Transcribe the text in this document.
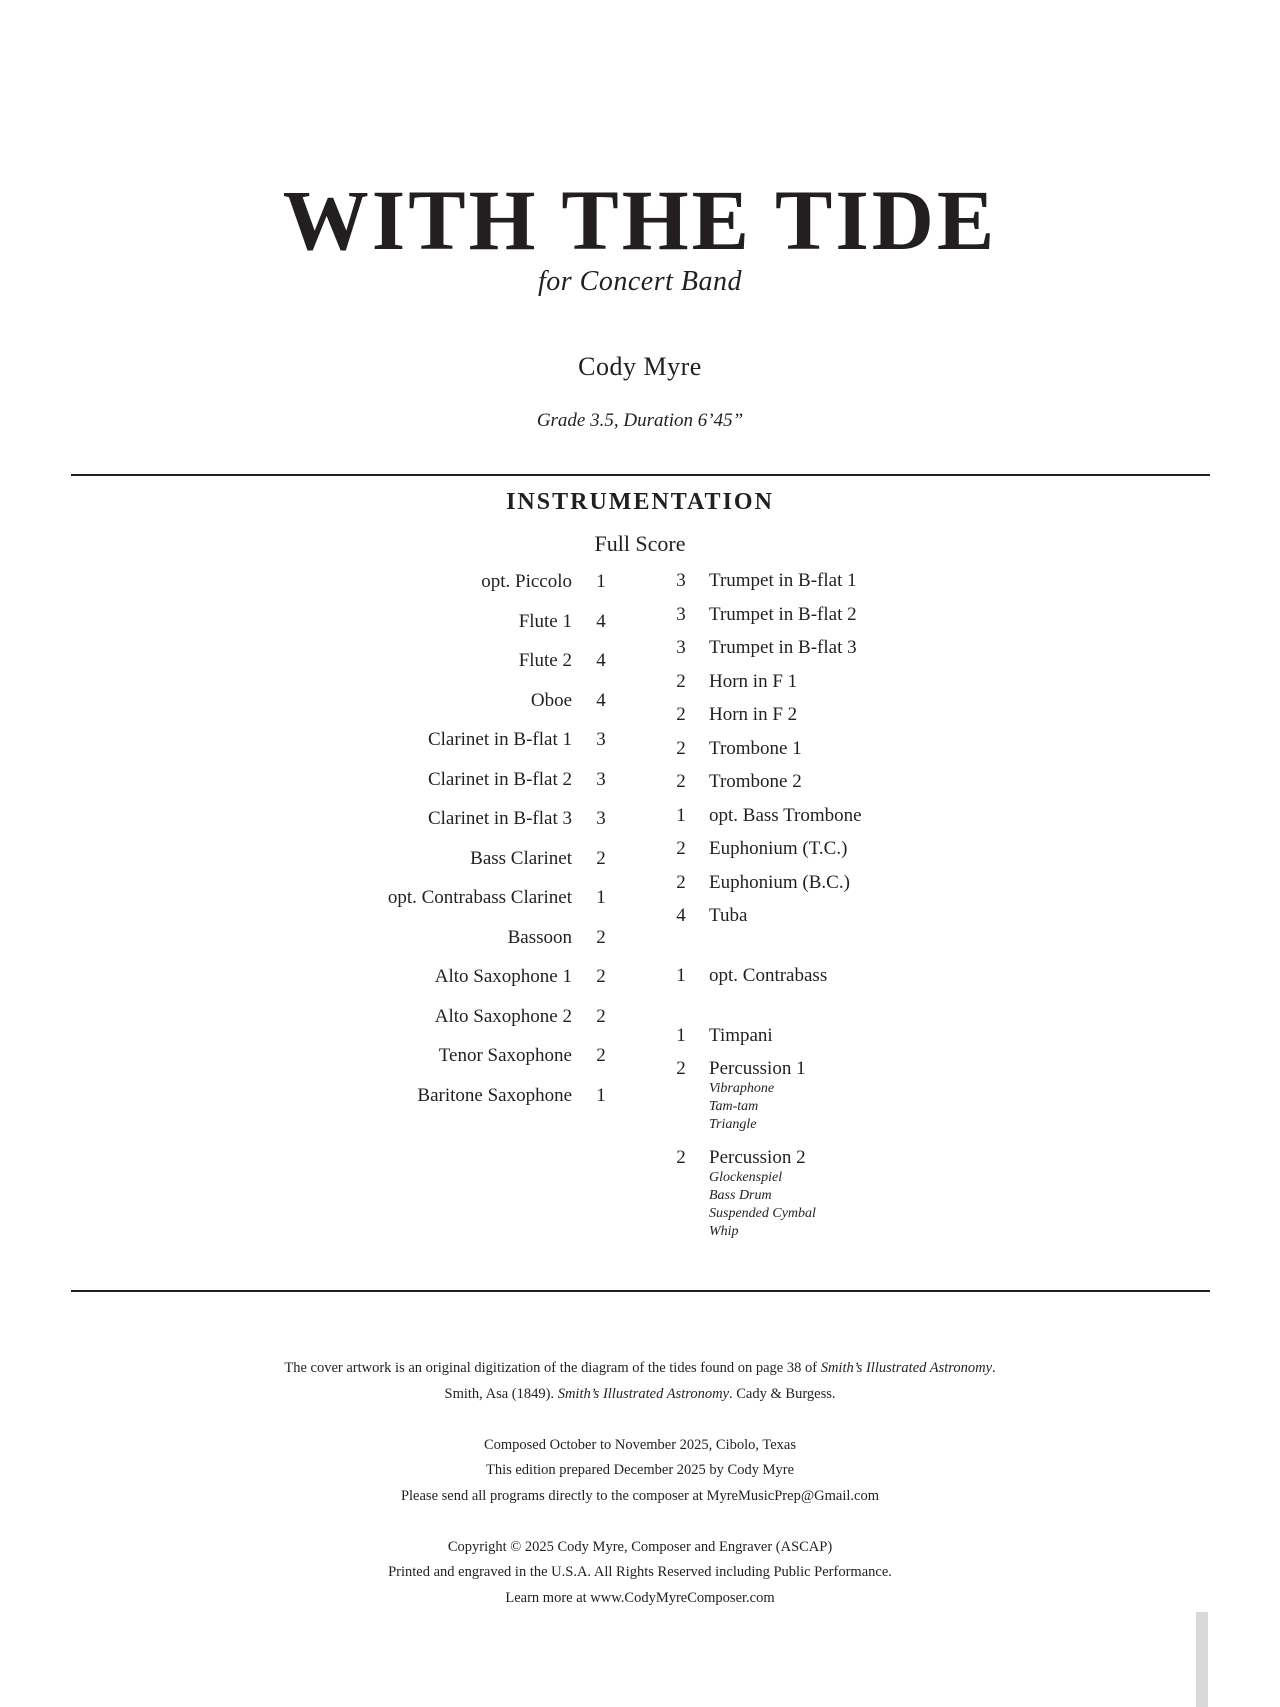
WITH THE TIDE
for Concert Band
Cody Myre
Grade 3.5, Duration 6’45”
INSTRUMENTATION
Full Score
opt. Piccolo	1
Flute 1	4
Flute 2	4
Oboe	4
Clarinet in B-flat 1	3
Clarinet in B-flat 2	3
Clarinet in B-flat 3	3
Bass Clarinet	2
opt. Contrabass Clarinet	1
Bassoon	2
Alto Saxophone 1	2
Alto Saxophone 2	2
Tenor Saxophone	2
Baritone Saxophone	1
3	Trumpet in B-flat 1
3	Trumpet in B-flat 2
3	Trumpet in B-flat 3
2	Horn in F 1
2	Horn in F 2
2	Trombone 1
2	Trombone 2
1	opt. Bass Trombone
2	Euphonium (T.C.)
2	Euphonium (B.C.)
4	Tuba
1	opt. Contrabass
1	Timpani
2	Percussion 1
Vibraphone
Tam-tam
Triangle
2	Percussion 2
Glockenspiel
Bass Drum
Suspended Cymbal
Whip

The cover artwork is an original digitization of the diagram of the tides found on page 38 of Smith’s Illustrated Astronomy.

Smith, Asa (1849). Smith’s Illustrated Astronomy. Cady & Burgess.

Composed October to November 2025, Cibolo, Texas

This edition prepared December 2025 by Cody Myre

Please send all programs directly to the composer at MyreMusicPrep@Gmail.com

Copyright © 2025 Cody Myre, Composer and Engraver (ASCAP)

Printed and engraved in the U.S.A. All Rights Reserved including Public Performance.

Learn more at www.CodyMyreComposer.com
